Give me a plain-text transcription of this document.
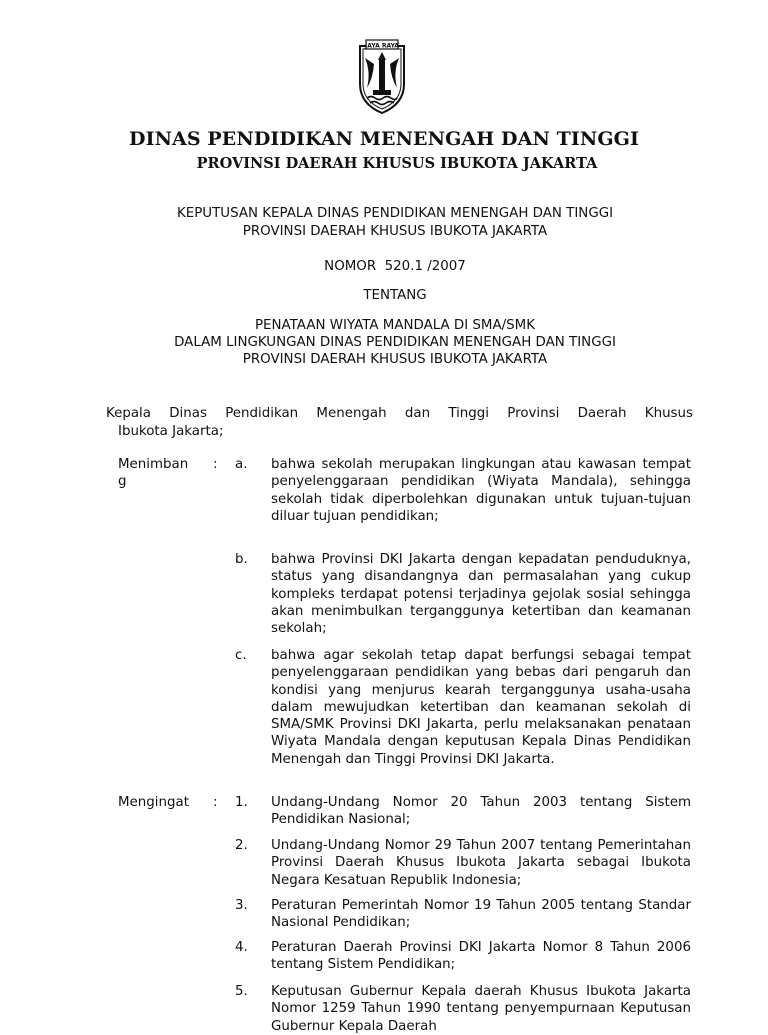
JAYA RAYA
DINAS PENDIDIKAN MENENGAH DAN TINGGI
PROVINSI DAERAH KHUSUS IBUKOTA JAKARTA
KEPUTUSAN KEPALA DINAS PENDIDIKAN MENENGAH DAN TINGGI
PROVINSI DAERAH KHUSUS IBUKOTA JAKARTA
NOMOR  520.1 /2007
TENTANG
PENATAAN WIYATA MANDALA DI SMA/SMK
DALAM LINGKUNGAN DINAS PENDIDIKAN MENENGAH DAN TINGGI
PROVINSI DAERAH KHUSUS IBUKOTA JAKARTA
Kepala Dinas Pendidikan Menengah dan Tinggi Provinsi Daerah Khusus
Ibukota Jakarta;
Menimban
g
: a. bahwa sekolah merupakan lingkungan atau kawasan tempat penyelenggaraan pendidikan (Wiyata Mandala), sehingga sekolah tidak diperbolehkan digunakan untuk tujuan-tujuan diluar tujuan pendidikan;
b. bahwa Provinsi DKI Jakarta dengan kepadatan penduduknya, status yang disandangnya dan permasalahan yang cukup kompleks terdapat potensi terjadinya gejolak sosial sehingga akan menimbulkan terganggunya ketertiban dan keamanan sekolah;
c. bahwa agar sekolah tetap dapat berfungsi sebagai tempat penyelenggaraan pendidikan yang bebas dari pengaruh dan kondisi yang menjurus kearah terganggunya usaha-usaha dalam mewujudkan ketertiban dan keamanan sekolah di SMA/SMK Provinsi DKI Jakarta, perlu melaksanakan penataan Wiyata Mandala dengan keputusan Kepala Dinas Pendidikan Menengah dan Tinggi Provinsi DKI Jakarta.
Mengingat : 1. Undang-Undang Nomor 20 Tahun 2003 tentang Sistem Pendidikan Nasional;
2. Undang-Undang Nomor 29 Tahun 2007 tentang Pemerintahan Provinsi Daerah Khusus Ibukota Jakarta sebagai Ibukota Negara Kesatuan Republik Indonesia;
3. Peraturan Pemerintah Nomor 19 Tahun 2005 tentang Standar Nasional Pendidikan;
4. Peraturan Daerah Provinsi DKI Jakarta Nomor 8 Tahun 2006 tentang Sistem Pendidikan;
5. Keputusan Gubernur Kepala daerah Khusus Ibukota Jakarta Nomor 1259 Tahun 1990 tentang penyempurnaan Keputusan Gubernur Kepala Daerah
